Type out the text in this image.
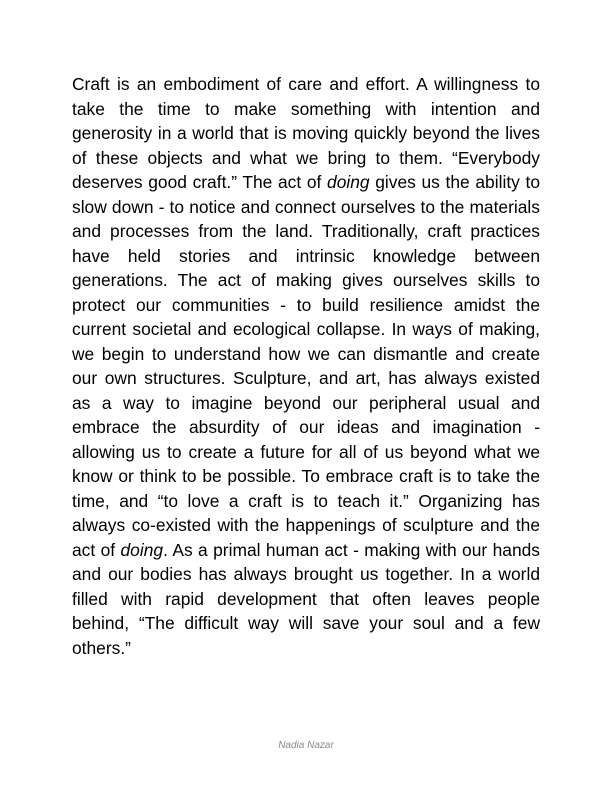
Craft is an embodiment of care and effort. A willingness to take the time to make something with intention and generosity in a world that is moving quickly beyond the lives of these objects and what we bring to them. “Everybody deserves good craft.” The act of doing gives us the ability to slow down - to notice and connect ourselves to the materials and processes from the land. Traditionally, craft practices have held stories and intrinsic knowledge between generations. The act of making gives ourselves skills to protect our communities - to build resilience amidst the current societal and ecological collapse. In ways of making, we begin to understand how we can dismantle and create our own structures. Sculpture, and art, has always existed as a way to imagine beyond our peripheral usual and embrace the absurdity of our ideas and imagination - allowing us to create a future for all of us beyond what we know or think to be possible. To embrace craft is to take the time, and “to love a craft is to teach it.” Organizing has always co-existed with the happenings of sculpture and the act of doing. As a primal human act - making with our hands and our bodies has always brought us together. In a world filled with rapid development that often leaves people behind, “The difficult way will save your soul and a few others.”

Nadia Nazar
